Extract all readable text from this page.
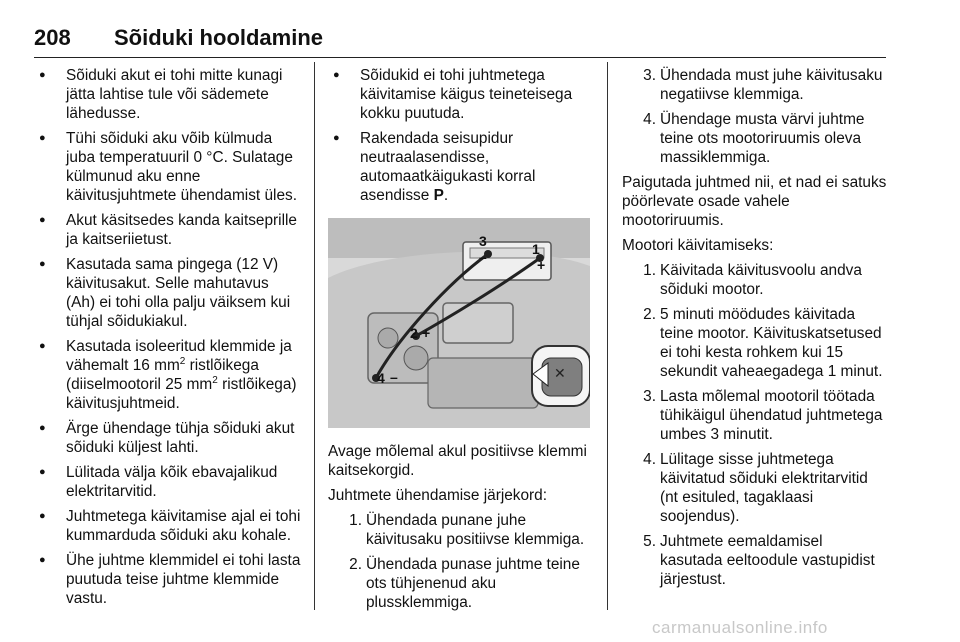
208 Sõiduki hooldamine
● Sõiduki akut ei tohi mitte kunagi jätta lahtise tule või sädemete lähedusse.
● Tühi sõiduki aku võib külmuda juba temperatuuril 0 °C. Sulatage külmunud aku enne käivitusjuhtmete ühendamist üles.
● Akut käsitsedes kanda kaitseprille ja kaitseriietust.
● Kasutada sama pingega (12 V) käivitusakut. Selle mahutavus (Ah) ei tohi olla palju väiksem kui tühjal sõidukiakul.
● Kasutada isoleeritud klemmide ja vähemalt 16 $mm^2$ ristlõikega (diiselmootoril 25 $mm^2$ ristlõikega) käivitusjuhtmeid.
● Ärge ühendage tühja sõiduki akut sõiduki küljest lahti.
● Lülitada välja kõik ebavajalikud elektritarvitid.
● Juhtmetega käivitamise ajal ei tohi kummarduda sõiduki aku kohale.
● Ühe juhtme klemmidel ei tohi lasta puutuda teise juhtme klemmide vastu.
● Sõidukid ei tohi juhtmetega käivitamise käigus teineteisega kokku puutuda.
● Rakendada seisupidur neutraalasendisse, automaatkäigukasti korral asendisse P.
✕
1
2
3
4
+
+
–
–

Avage mõlemal akul positiivse klemmi kaitsekorgid.

Juhtmete ühendamise järjekord:

1. Ühendada punane juhe käivitusaku positiivse klemmiga.
2. Ühendada punase juhtme teine ots tühjenenud aku plussklemmiga.
3. Ühendada must juhe käivitusaku negatiivse klemmiga.
4. Ühendage musta värvi juhtme teine ots mootoriruumis oleva massiklemmiga.

Paigutada juhtmed nii, et nad ei satuks pöörlevate osade vahele mootoriruumis.

Mootori käivitamiseks:

1. Käivitada käivitusvoolu andva sõiduki mootor.
2. 5 minuti möödudes käivitada teine mootor. Käivituskatsetused ei tohi kesta rohkem kui 15 sekundit vaheaegadega 1 minut.
3. Lasta mõlemal mootoril töötada tühikäigul ühendatud juhtmetega umbes 3 minutit.
4. Lülitage sisse juhtmetega käivitatud sõiduki elektritarvitid (nt esituled, tagaklaasi soojendus).
5. Juhtmete eemaldamisel kasutada eeltoodule vastupidist järjestust.
carmanualsonline.info
